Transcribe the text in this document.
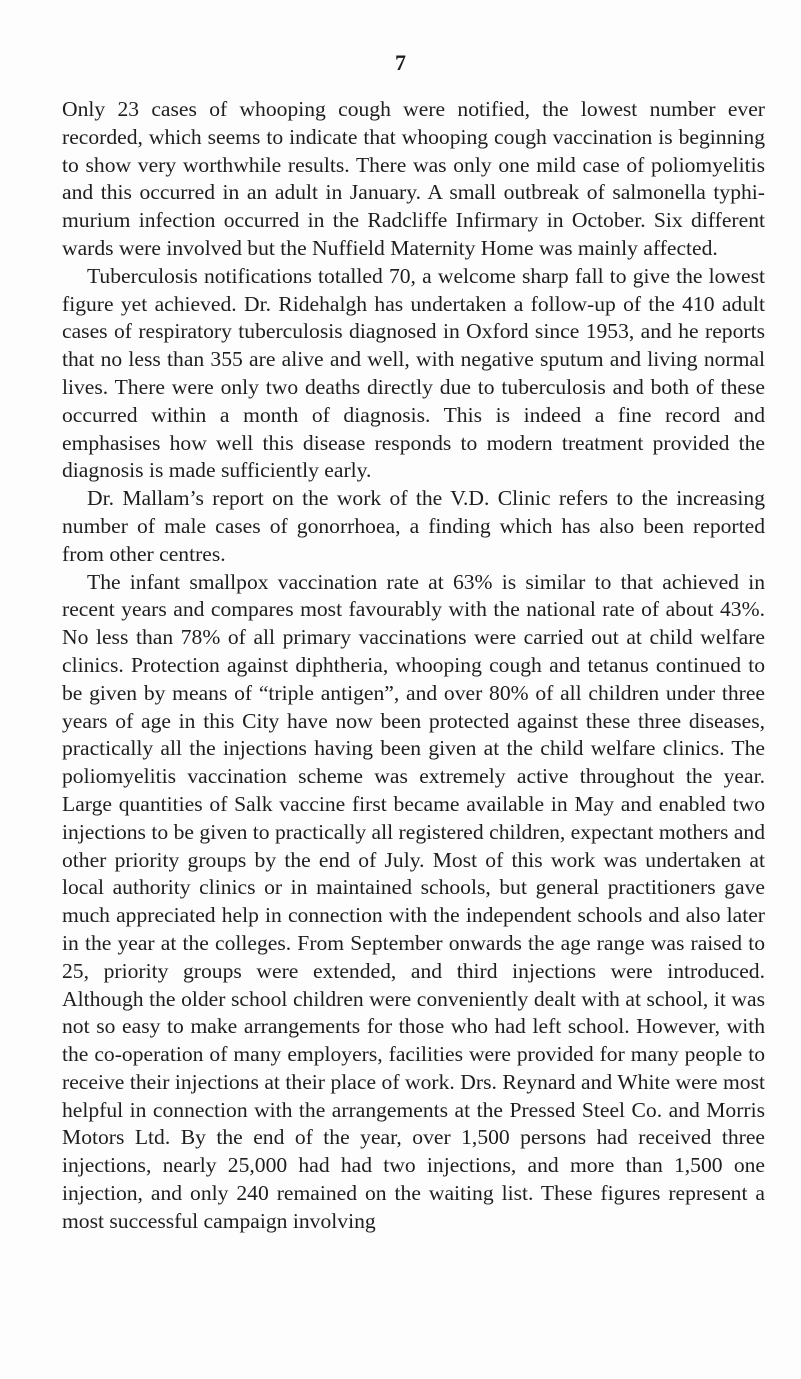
7

Only 23 cases of whooping cough were notified, the lowest number ever recorded, which seems to indicate that whooping cough vaccination is beginning to show very worthwhile results. There was only one mild case of poliomyelitis and this occurred in an adult in January. A small outbreak of salmonella typhi-murium infection occurred in the Radcliffe Infirmary in October. Six different wards were involved but the Nuffield Maternity Home was mainly affected.

Tuberculosis notifications totalled 70, a welcome sharp fall to give the lowest figure yet achieved. Dr. Ridehalgh has undertaken a follow-up of the 410 adult cases of respiratory tuberculosis diagnosed in Oxford since 1953, and he reports that no less than 355 are alive and well, with negative sputum and living normal lives. There were only two deaths directly due to tuberculosis and both of these occurred within a month of diagnosis. This is indeed a fine record and emphasises how well this disease responds to modern treatment provided the diagnosis is made sufficiently early.

Dr. Mallam’s report on the work of the V.D. Clinic refers to the increasing number of male cases of gonorrhoea, a finding which has also been reported from other centres.

The infant smallpox vaccination rate at 63% is similar to that achieved in recent years and compares most favourably with the national rate of about 43%. No less than 78% of all primary vaccinations were carried out at child welfare clinics. Protection against diphtheria, whooping cough and tetanus continued to be given by means of “triple antigen”, and over 80% of all children under three years of age in this City have now been protected against these three diseases, practically all the injections having been given at the child welfare clinics. The poliomyelitis vaccination scheme was extremely active throughout the year. Large quantities of Salk vaccine first became available in May and enabled two injections to be given to practically all registered children, expectant mothers and other priority groups by the end of July. Most of this work was undertaken at local authority clinics or in maintained schools, but general practitioners gave much appreciated help in connection with the independent schools and also later in the year at the colleges. From September onwards the age range was raised to 25, priority groups were extended, and third injections were introduced. Although the older school children were conveniently dealt with at school, it was not so easy to make arrangements for those who had left school. However, with the co-operation of many employers, facilities were provided for many people to receive their injections at their place of work. Drs. Reynard and White were most helpful in connection with the arrangements at the Pressed Steel Co. and Morris Motors Ltd. By the end of the year, over 1,500 persons had received three injections, nearly 25,000 had had two injections, and more than 1,500 one injection, and only 240 remained on the waiting list. These figures represent a most successful campaign involving
